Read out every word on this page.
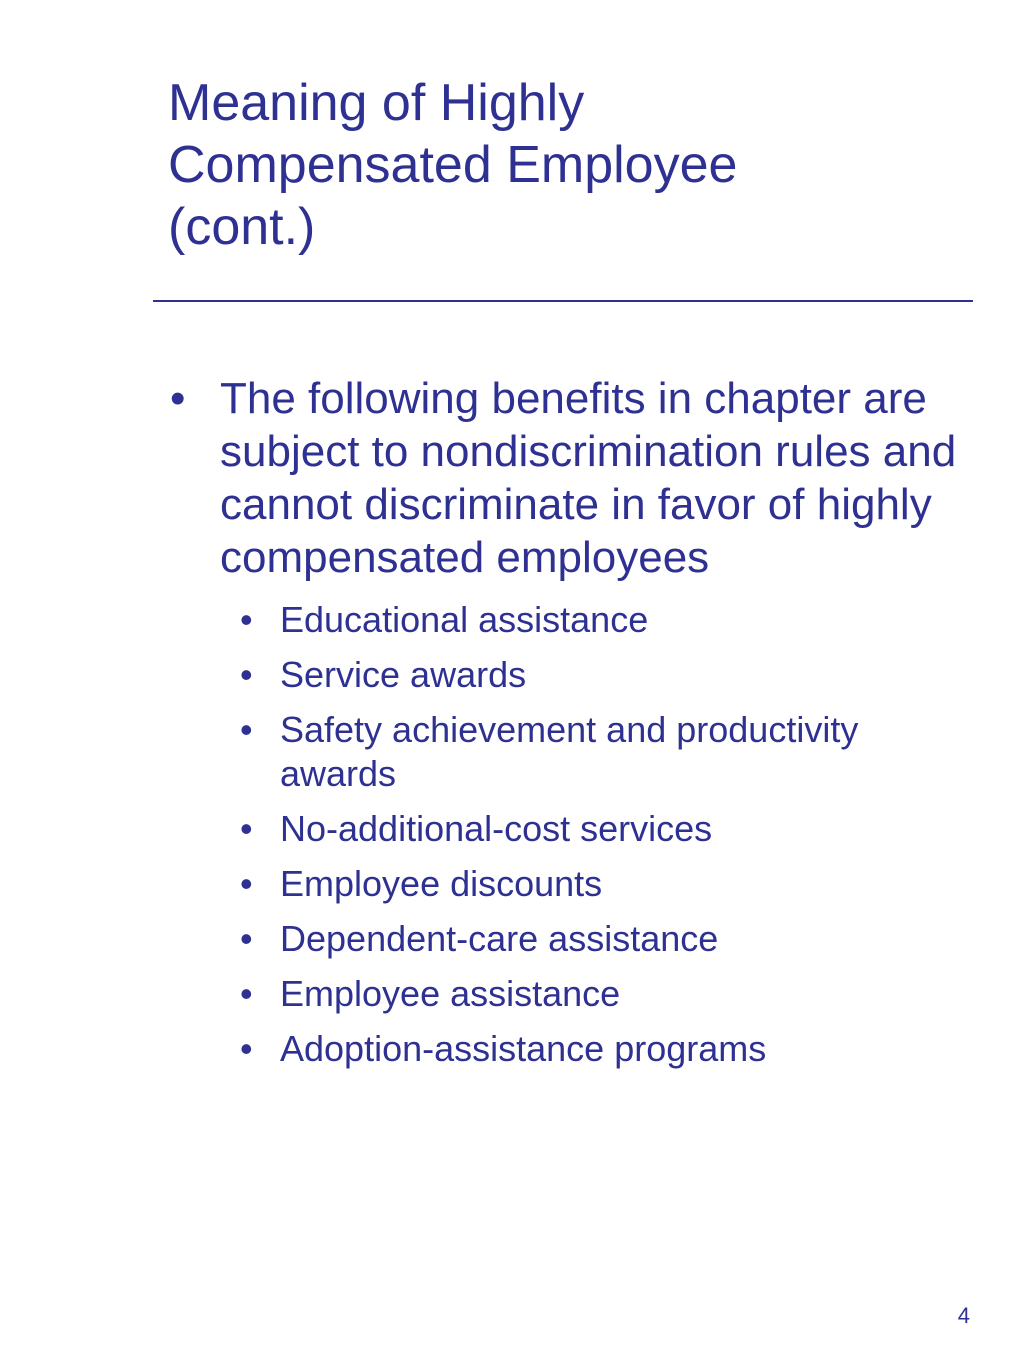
Meaning of Highly
Compensated Employee
(cont.)
• The following benefits in chapter are subject to nondiscrimination rules and cannot discriminate in favor of highly compensated employees
• Educational assistance
• Service awards
• Safety achievement and productivity awards
• No-additional-cost services
• Employee discounts
• Dependent-care assistance
• Employee assistance
• Adoption-assistance programs
4
